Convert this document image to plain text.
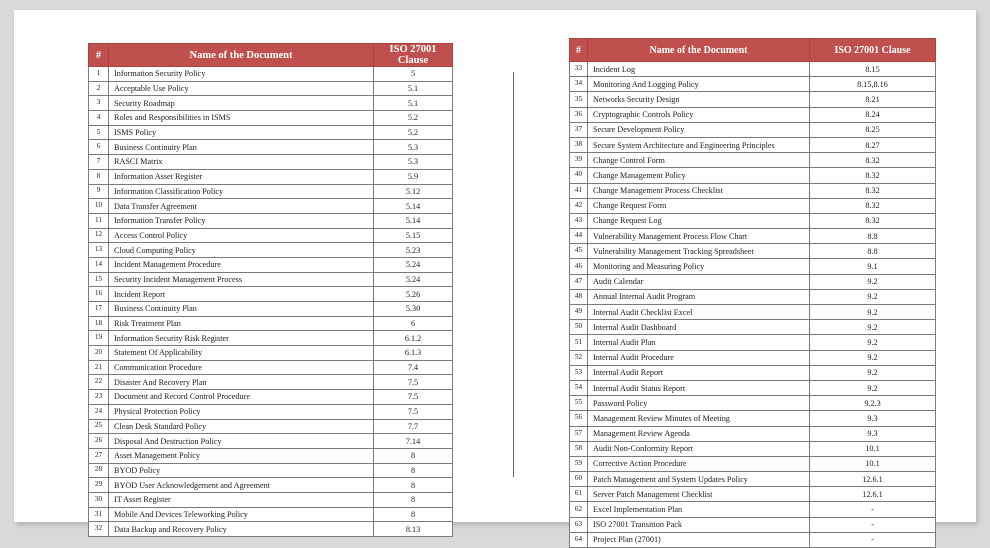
#	Name of the Document	ISO 27001 Clause
1	Information Security Policy	5
2	Acceptable Use Policy	5.1
3	Security Roadmap	5.1
4	Roles and Responsibilities in ISMS	5.2
5	ISMS Policy	5.2
6	Business Continuity Plan	5.3
7	RASCI Matrix	5.3
8	Information Asset Register	5.9
9	Information Classification Policy	5.12
10	Data Transfer Agreement	5.14
11	Information Transfer Policy	5.14
12	Access Control Policy	5.15
13	Cloud Computing Policy	5.23
14	Incident Management Procedure	5.24
15	Security Incident Management Process	5.24
16	Incident Report	5.26
17	Business Continuity Plan	5.30
18	Risk Treatment Plan	6
19	Information Security Risk Register	6.1.2
20	Statement Of Applicability	6.1.3
21	Communication Procedure	7.4
22	Disaster And Recovery Plan	7.5
23	Document and Record Control Procedure	7.5
24	Physical Protection Policy	7.5
25	Clean Desk Standard Policy	7.7
26	Disposal And Destruction Policy	7.14
27	Asset Management Policy	8
28	BYOD Policy	8
29	BYOD User Acknowledgement and Agreement	8
30	IT Asset Register	8
31	Mobile And Devices Teleworking Policy	8
32	Data Backup and Recovery Policy	8.13
#	Name of the Document	ISO 27001 Clause
33	Incident Log	8.15
34	Monitoring And Logging Policy	8.15,8.16
35	Networks Security Design	8.21
36	Cryptographic Controls Policy	8.24
37	Secure Development Policy	8.25
38	Secure System Architecture and Engineering Principles	8.27
39	Change Control Form	8.32
40	Change Management Policy	8.32
41	Change Management Process Checklist	8.32
42	Change Request Form	8.32
43	Change Request Log	8.32
44	Vulnerability Management Process Flow Chart	8.8
45	Vulnerability Management Tracking Spreadsheet	8.8
46	Monitoring and Measuring Policy	9.1
47	Audit Calendar	9.2
48	Annual Internal Audit Program	9.2
49	Internal Audit Checklist Excel	9.2
50	Internal Audit Dashboard	9.2
51	Internal Audit Plan	9.2
52	Internal Audit Procedure	9.2
53	Internal Audit Report	9.2
54	Internal Audit Status Report	9.2
55	Password Policy	9.2.3
56	Management Review Minutes of Meeting	9.3
57	Management Review Agenda	9.3
58	Audit Non-Conformity Report	10.1
59	Corrective Action Procedure	10.1
60	Patch Management and System Updates Policy	12.6.1
61	Server Patch Management Checklist	12.6.1
62	Excel Implementation Plan	-
63	ISO 27001 Transition Pack	-
64	Project Plan (27001)	-
